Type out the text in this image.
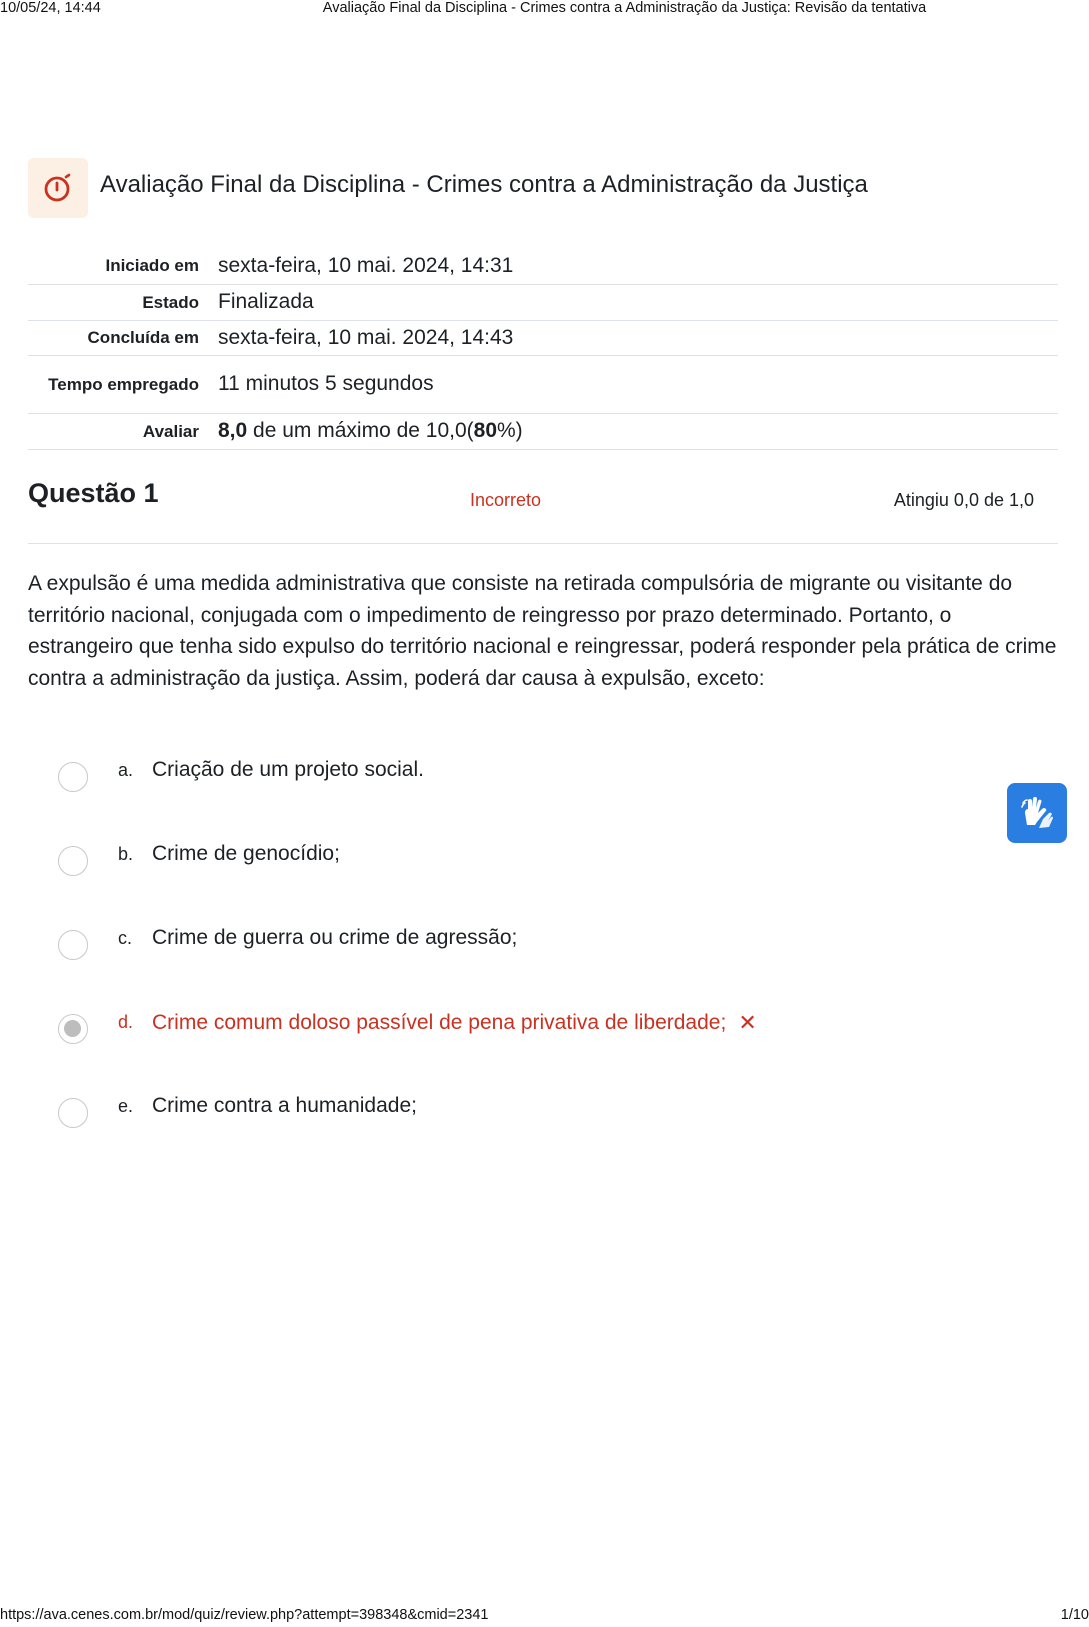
10/05/24, 14:44	Avaliação Final da Disciplina - Crimes contra a Administração da Justiça: Revisão da tentativa
Avaliação Final da Disciplina - Crimes contra a Administração da Justiça
Iniciado em	sexta-feira, 10 mai. 2024, 14:31
Estado	Finalizada
Concluída em	sexta-feira, 10 mai. 2024, 14:43
Tempo empregado	11 minutos 5 segundos
Avaliar	8,0 de um máximo de 10,0(80%)
Questão 1	Incorreto	Atingiu 0,0 de 1,0
A expulsão é uma medida administrativa que consiste na retirada compulsória de migrante ou visitante do território nacional, conjugada com o impedimento de reingresso por prazo determinado. Portanto, o estrangeiro que tenha sido expulso do território nacional e reingressar, poderá responder pela prática de crime contra a administração da justiça. Assim, poderá dar causa à expulsão, exceto:
a. Criação de um projeto social.
b. Crime de genocídio;
c. Crime de guerra ou crime de agressão;
d. Crime comum doloso passível de pena privativa de liberdade; ✕
e. Crime contra a humanidade;
https://ava.cenes.com.br/mod/quiz/review.php?attempt=398348&cmid=2341	1/10
